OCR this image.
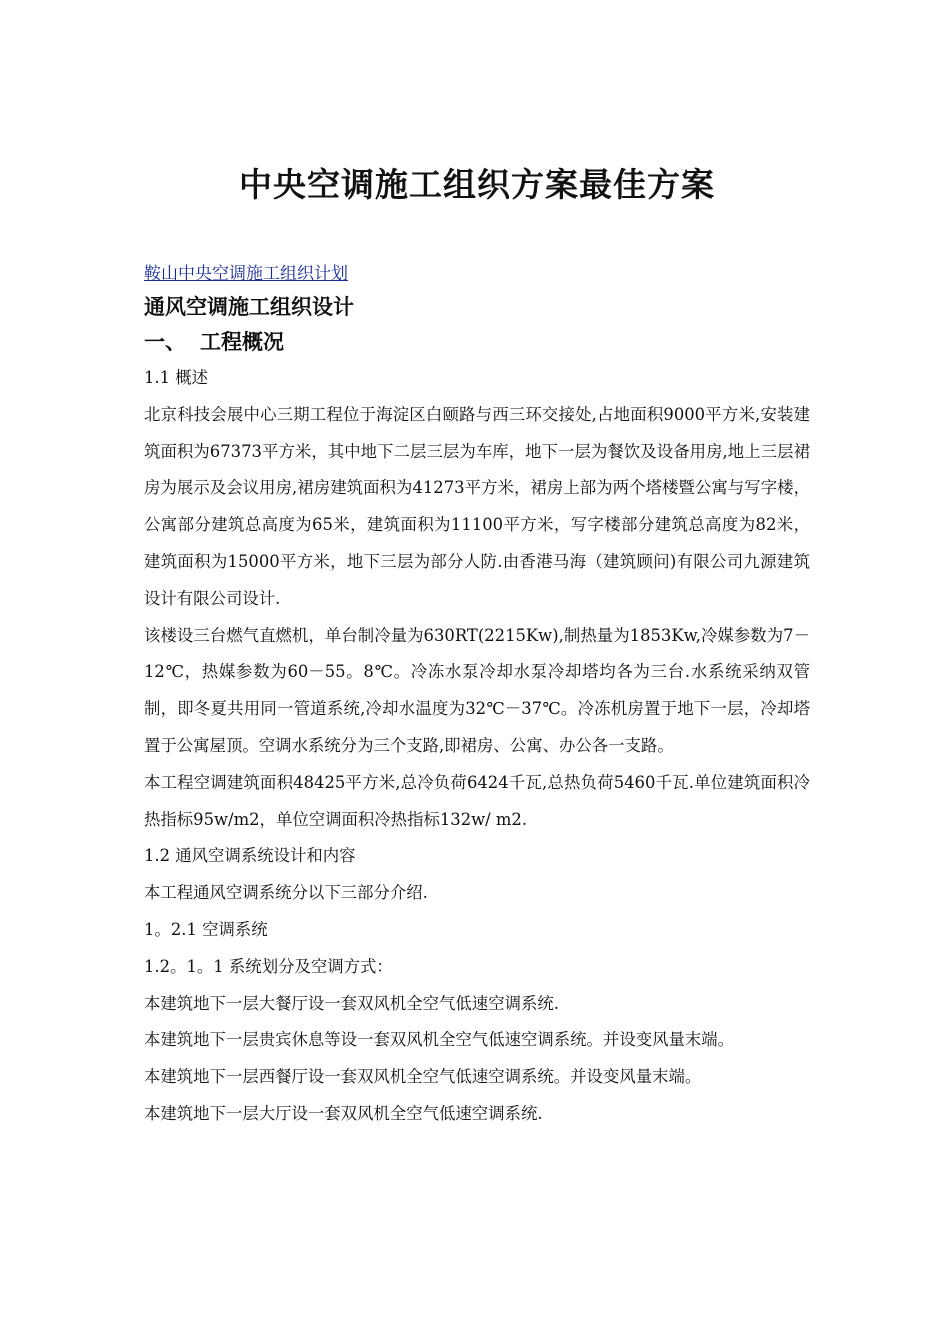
中央空调施工组织方案最佳方案
鞍山中央空调施工组织计划
通风空调施工组织设计
一、 工程概况

1.1 概述

北京科技会展中心三期工程位于海淀区白颐路与西三环交接处,占地面积9000平方米,安装建筑面积为67373平方米，其中地下二层三层为车库，地下一层为餐饮及设备用房,地上三层裙房为展示及会议用房,裙房建筑面积为41273平方米，裙房上部为两个塔楼暨公寓与写字楼，公寓部分建筑总高度为65米，建筑面积为11100平方米，写字楼部分建筑总高度为82米，建筑面积为15000平方米，地下三层为部分人防.由香港马海（建筑顾问)有限公司九源建筑设计有限公司设计.

该楼设三台燃气直燃机，单台制冷量为630RT(2215Kw),制热量为1853Kw,冷媒参数为7－12℃，热媒参数为60－55。8℃。冷冻水泵冷却水泵冷却塔均各为三台.水系统采纳双管制，即冬夏共用同一管道系统,冷却水温度为32℃－37℃。冷冻机房置于地下一层，冷却塔置于公寓屋顶。空调水系统分为三个支路,即裙房、公寓、办公各一支路。

本工程空调建筑面积48425平方米,总冷负荷6424千瓦,总热负荷5460千瓦.单位建筑面积冷热指标95w/m2，单位空调面积冷热指标132w/ m2.

1.2 通风空调系统设计和内容

本工程通风空调系统分以下三部分介绍.

1。2.1 空调系统

1.2。1。1 系统划分及空调方式：

本建筑地下一层大餐厅设一套双风机全空气低速空调系统.

本建筑地下一层贵宾休息等设一套双风机全空气低速空调系统。并设变风量末端。

本建筑地下一层西餐厅设一套双风机全空气低速空调系统。并设变风量末端。

本建筑地下一层大厅设一套双风机全空气低速空调系统.
